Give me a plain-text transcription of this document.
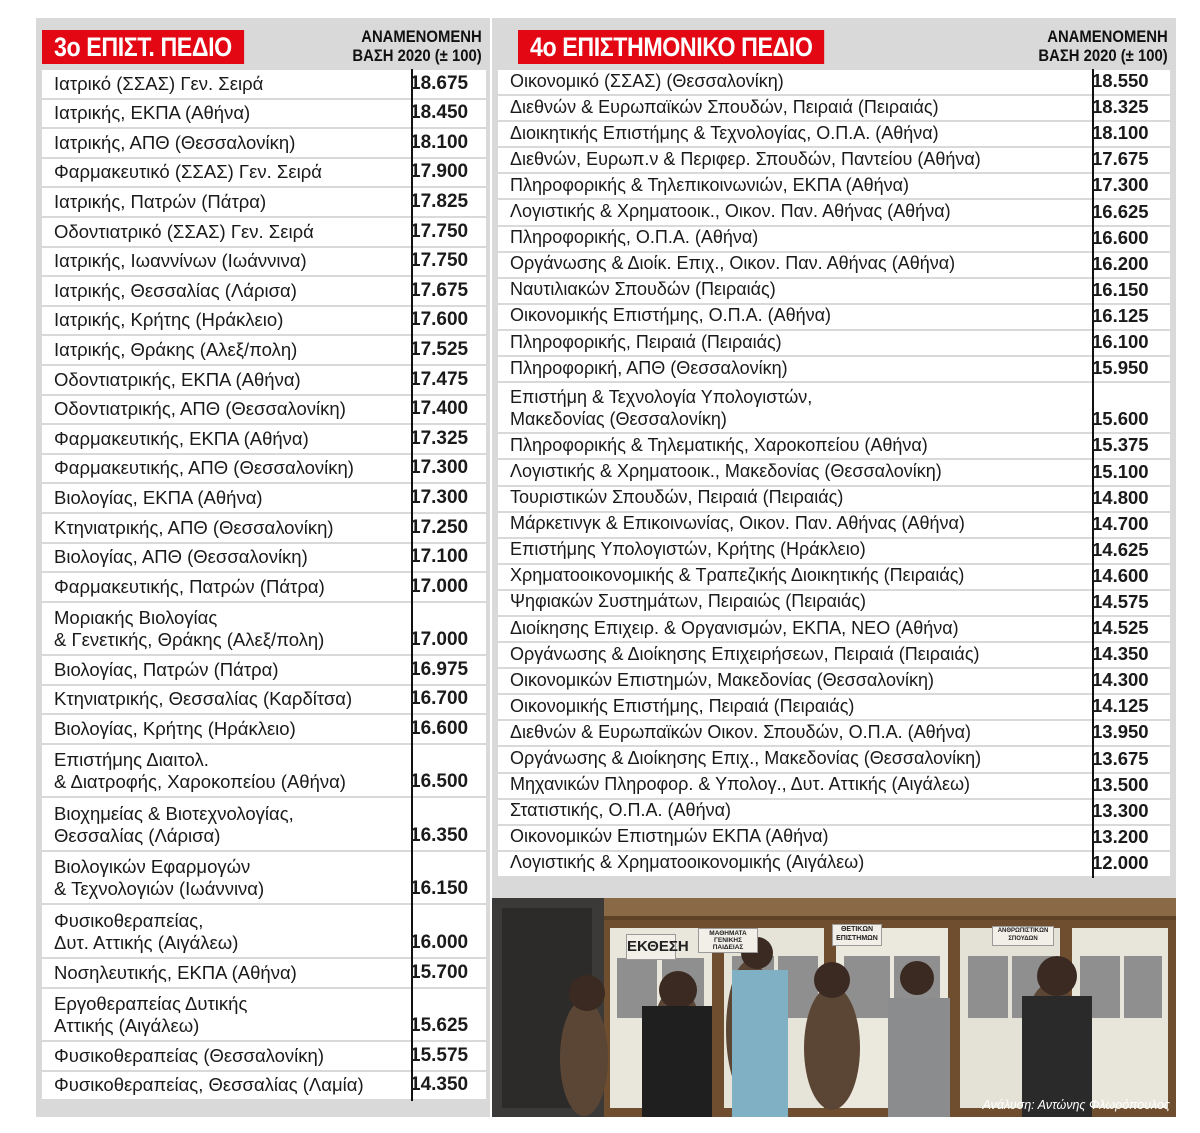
3ο ΕΠΙΣΤ. ΠΕΔΙΟ	ΑΝΑΜΕΝΟΜΕΝΗ
ΒΑΣΗ 2020 (± 100)
Ιατρικό (ΣΣΑΣ) Γεν. Σειρά	18.675
Ιατρικής, ΕΚΠΑ (Αθήνα)	18.450
Ιατρικής, ΑΠΘ (Θεσσαλονίκη)	18.100
Φαρμακευτικό (ΣΣΑΣ) Γεν. Σειρά	17.900
Ιατρικής, Πατρών (Πάτρα)	17.825
Οδοντιατρικό (ΣΣΑΣ) Γεν. Σειρά	17.750
Ιατρικής, Ιωαννίνων (Ιωάννινα)	17.750
Ιατρικής, Θεσσαλίας (Λάρισα)	17.675
Ιατρικής, Κρήτης (Ηράκλειο)	17.600
Ιατρικής, Θράκης (Αλεξ/πολη)	17.525
Οδοντιατρικής, ΕΚΠΑ (Αθήνα)	17.475
Οδοντιατρικής, ΑΠΘ (Θεσσαλονίκη)	17.400
Φαρμακευτικής, ΕΚΠΑ (Αθήνα)	17.325
Φαρμακευτικής, ΑΠΘ (Θεσσαλονίκη)	17.300
Βιολογίας, ΕΚΠΑ (Αθήνα)	17.300
Κτηνιατρικής, ΑΠΘ (Θεσσαλονίκη)	17.250
Βιολογίας, ΑΠΘ (Θεσσαλονίκη)	17.100
Φαρμακευτικής, Πατρών (Πάτρα)	17.000
Μοριακής Βιολογίας
& Γενετικής, Θράκης (Αλεξ/πολη)	17.000
Βιολογίας, Πατρών (Πάτρα)	16.975
Κτηνιατρικής, Θεσσαλίας (Καρδίτσα)	16.700
Βιολογίας, Κρήτης (Ηράκλειο)	16.600
Επιστήμης Διαιτολ.
& Διατροφής, Χαροκοπείου (Αθήνα)	16.500
Βιοχημείας & Βιοτεχνολογίας,
Θεσσαλίας (Λάρισα)	16.350
Βιολογικών Εφαρμογών
& Τεχνολογιών (Ιωάννινα)	16.150
Φυσικοθεραπείας,
Δυτ. Αττικής (Αιγάλεω)	16.000
Νοσηλευτικής, ΕΚΠΑ (Αθήνα)	15.700
Εργοθεραπείας Δυτικής
Αττικής (Αιγάλεω)	15.625
Φυσικοθεραπείας (Θεσσαλονίκη)	15.575
Φυσικοθεραπείας, Θεσσαλίας (Λαμία)	14.350
4ο ΕΠΙΣΤΗΜΟΝΙΚΟ ΠΕΔΙΟ	ΑΝΑΜΕΝΟΜΕΝΗ
ΒΑΣΗ 2020 (± 100)
Οικονομικό (ΣΣΑΣ) (Θεσσαλονίκη)	18.550
Διεθνών & Ευρωπαϊκών Σπουδών, Πειραιά (Πειραιάς)	18.325
Διοικητικής Επιστήμης & Τεχνολογίας, Ο.Π.Α. (Αθήνα)	18.100
Διεθνών, Ευρωπ.ν & Περιφερ. Σπουδών, Παντείου (Αθήνα)	17.675
Πληροφορικής & Τηλεπικοινωνιών, ΕΚΠΑ (Αθήνα)	17.300
Λογιστικής & Χρηματοοικ., Οικον. Παν. Αθήνας (Αθήνα)	16.625
Πληροφορικής, Ο.Π.Α. (Αθήνα)	16.600
Οργάνωσης & Διοίκ. Επιχ., Οικον. Παν. Αθήνας (Αθήνα)	16.200
Ναυτιλιακών Σπουδών (Πειραιάς)	16.150
Οικονομικής Επιστήμης, Ο.Π.Α. (Αθήνα)	16.125
Πληροφορικής, Πειραιά (Πειραιάς)	16.100
Πληροφορική, ΑΠΘ (Θεσσαλονίκη)	15.950
Επιστήμη & Τεχνολογία Υπολογιστών,
Μακεδονίας (Θεσσαλονίκη)	15.600
Πληροφορικής & Τηλεματικής, Χαροκοπείου (Αθήνα)	15.375
Λογιστικής & Χρηματοοικ., Μακεδονίας (Θεσσαλονίκη)	15.100
Τουριστικών Σπουδών, Πειραιά (Πειραιάς)	14.800
Μάρκετινγκ & Επικοινωνίας, Οικον. Παν. Αθήνας (Αθήνα)	14.700
Επιστήμης Υπολογιστών, Κρήτης (Ηράκλειο)	14.625
Χρηματοοικονομικής & Τραπεζικής Διοικητικής (Πειραιάς)	14.600
Ψηφιακών Συστημάτων, Πειραιώς (Πειραιάς)	14.575
Διοίκησης Επιχειρ. & Οργανισμών, ΕΚΠΑ, ΝΕΟ (Αθήνα)	14.525
Οργάνωσης & Διοίκησης Επιχειρήσεων, Πειραιά (Πειραιάς)	14.350
Οικονομικών Επιστημών, Μακεδονίας (Θεσσαλονίκη)	14.300
Οικονομικής Επιστήμης, Πειραιά (Πειραιάς)	14.125
Διεθνών & Ευρωπαϊκών Οικον. Σπουδών, Ο.Π.Α. (Αθήνα)	13.950
Οργάνωσης & Διοίκησης Επιχ., Μακεδονίας (Θεσσαλονίκη)	13.675
Μηχανικών Πληροφορ. & Υπολογ., Δυτ. Αττικής (Αιγάλεω)	13.500
Στατιστικής, Ο.Π.Α. (Αθήνα)	13.300
Οικονομικών Επιστημών ΕΚΠΑ (Αθήνα)	13.200
Λογιστικής & Χρηματοοικονομικής (Αιγάλεω)	12.000
ΕΚΘΕΣΗ
ΜΑΘΗΜΑΤΑ ΓΕΝΙΚΗΣ ΠΑΙΔΕΙΑΣ
ΘΕΤΙΚΩΝ ΕΠΙΣΤΗΜΩΝ
ΑΝΘΡΩΠΙΣΤΙΚΩΝ ΣΠΟΥΔΩΝ
Ανάλυση: Αντώνης Φλωρόπουλος
